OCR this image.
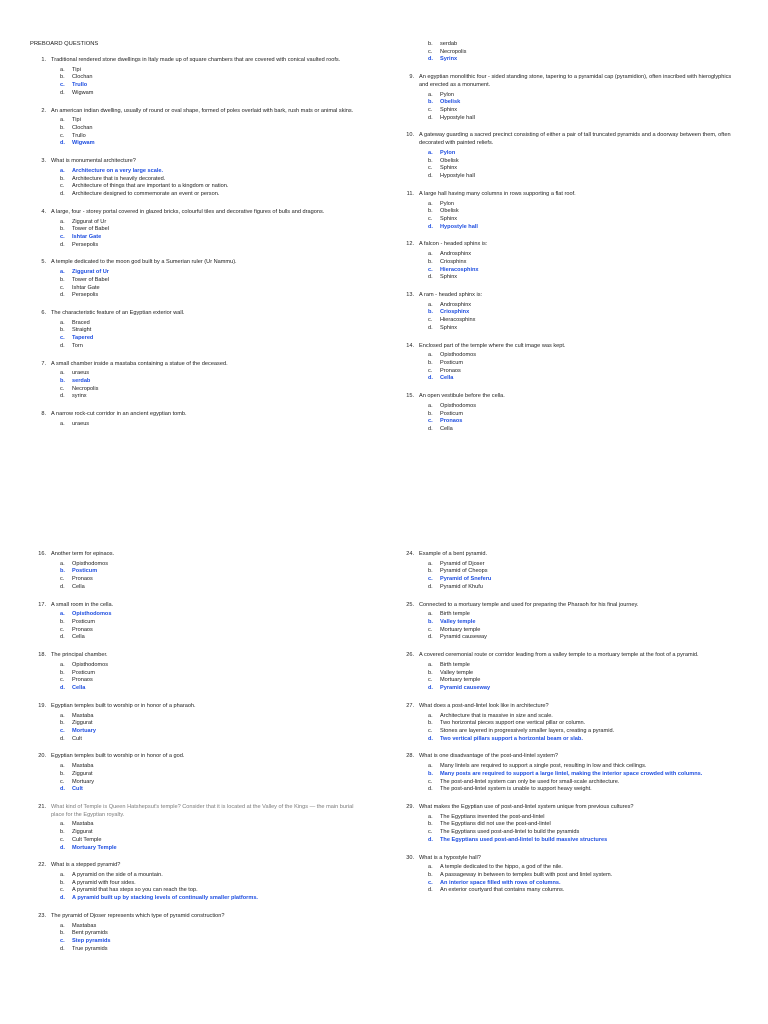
PREBOARD QUESTIONS
1. Traditional rendered stone dwellings in Italy made up of square chambers that are covered with conical vaulted roofs.
a.	Tipi
b.	Clochan
c.	Trullo
d.	Wigwam
2. An american indian dwelling, usually of round or oval shape, formed of poles overlaid with bark, rush mats or animal skins.
a.	Tipi
b.	Clochan
c.	Trullo
d.	Wigwam
3. What is monumental architecture?
a.	Architecture on a very large scale.
b.	Architecture that is heavily decorated.
c.	Architecture of things that are important to a kingdom or nation.
d.	Architecture designed to commemorate an event or person.
4. A large, four - storey portal covered in glazed bricks, colourful tiles and decorative figures of bulls and dragons.
a.	Ziggurat of Ur
b.	Tower of Babel
c.	Ishtar Gate
d.	Persepolis
5. A temple dedicated to the moon god built by a Sumerian ruler (Ur Nammu).
a.	Ziggurat of Ur
b.	Tower of Babel
c.	Ishtar Gate
d.	Persepolis
6. The characteristic feature of an Egyptian exterior wall.
a.	Braced
b.	Straight
c.	Tapered
d.	Torn
7. A small chamber inside a mastaba containing a statue of the deceased.
a.	uraeus
b.	serdab
c.	Necropolis
d.	syrinx
8. A narrow rock-cut corridor in an ancient egyptian tomb.
a.	uraeus
b.	serdab
c.	Necropolis
d.	Syrinx
9. An egyptian monolithic four - sided standing stone, tapering to a pyramidal cap (pyramidion), often inscribed with hieroglyphics and erected as a monument.
a.	Pylon
b.	Obelisk
c.	Sphinx
d.	Hypostyle hall
10. A gateway guarding a sacred precinct consisting of either a pair of tall truncated pyramids and a doorway between them, often decorated with painted reliefs.
a.	Pylon
b.	Obelisk
c.	Sphinx
d.	Hypostyle hall
11. A large hall having many columns in rows supporting a flat roof.
a.	Pylon
b.	Obelisk
c.	Sphinx
d.	Hypostyle hall
12. A falcon - headed sphinx is:
a.	Androsphinx
b.	Criosphinx
c.	Hieracosphinx
d.	Sphinx
13. A ram - headed sphinx is:
a.	Androsphinx
b.	Criosphinx
c.	Hieracosphinx
d.	Sphinx
14. Enclosed part of the temple where the cult image was kept.
a.	Opisthodomos
b.	Posticum
c.	Pronaos
d.	Cella
15. An open vestibule before the cella.
a.	Opisthodomos
b.	Posticum
c.	Pronaos
d.	Cella
16. Another term for epinaos.
a.	Opisthodomos
b.	Posticum
c.	Pronaos
d.	Cella
17. A small room in the cella.
a.	Opisthodomos
b.	Posticum
c.	Pronaos
d.	Cella
18. The principal chamber.
a.	Opisthodomos
b.	Posticum
c.	Pronaos
d.	Cella
19. Egyptian temples built to worship or in honor of a pharaoh.
a.	Mastaba
b.	Ziggurat
c.	Mortuary
d.	Cult
20. Egyptian temples built to worship or in honor of a god.
a.	Mastaba
b.	Ziggurat
c.	Mortuary
d.	Cult
21. What kind of Temple is Queen Hatshepsut's temple? Consider that it is located at the Valley of the Kings — the main burial place for the Egyptian royalty.
a.	Mastaba
b.	Ziggurat
c.	Cult Temple
d.	Mortuary Temple
22. What is a stepped pyramid?
a.	A pyramid on the side of a mountain.
b.	A pyramid with four sides.
c.	A pyramid that has steps so you can reach the top.
d.	A pyramid built up by stacking levels of continually smaller platforms.
23. The pyramid of Djoser represents which type of pyramid construction?
a.	Mastabas
b.	Bent pyramids
c.	Step pyramids
d.	True pyramids
24. Example of a bent pyramid.
a.	Pyramid of Djoser
b.	Pyramid of Cheops
c.	Pyramid of Sneferu
d.	Pyramid of Khufu
25. Connected to a mortuary temple and used for preparing the Pharaoh for his final journey.
a.	Birth temple
b.	Valley temple
c.	Mortuary temple
d.	Pyramid causeway
26. A covered ceremonial route or corridor leading from a valley temple to a mortuary temple at the foot of a pyramid.
a.	Birth temple
b.	Valley temple
c.	Mortuary temple
d.	Pyramid causeway
27. What does a post-and-lintel look like in architecture?
a.	Architecture that is massive in size and scale.
b.	Two horizontal pieces support one vertical pillar or column.
c.	Stones are layered in progressively smaller layers, creating a pyramid.
d.	Two vertical pillars support a horizontal beam or slab.
28. What is one disadvantage of the post-and-lintel system?
a.	Many lintels are required to support a single post, resulting in low and thick ceilings.
b.	Many posts are required to support a large lintel, making the interior space crowded with columns.
c.	The post-and-lintel system can only be used for small-scale architecture.
d.	The post-and-lintel system is unable to support heavy weight.
29. What makes the Egyptian use of post-and-lintel system unique from previous cultures?
a.	The Egyptians invented the post-and-lintel
b.	The Egyptians did not use the post-and-lintel
c.	The Egyptians used post-and-lintel to build the pyramids
d.	The Egyptians used post-and-lintel to build massive structures
30. What is a hypostyle hall?
a.	A temple dedicated to the hippo, a god of the nile.
b.	A passageway in between to temples built with post and lintel system.
c.	An interior space filled with rows of columns.
d.	An exterior courtyard that contains many columns.
